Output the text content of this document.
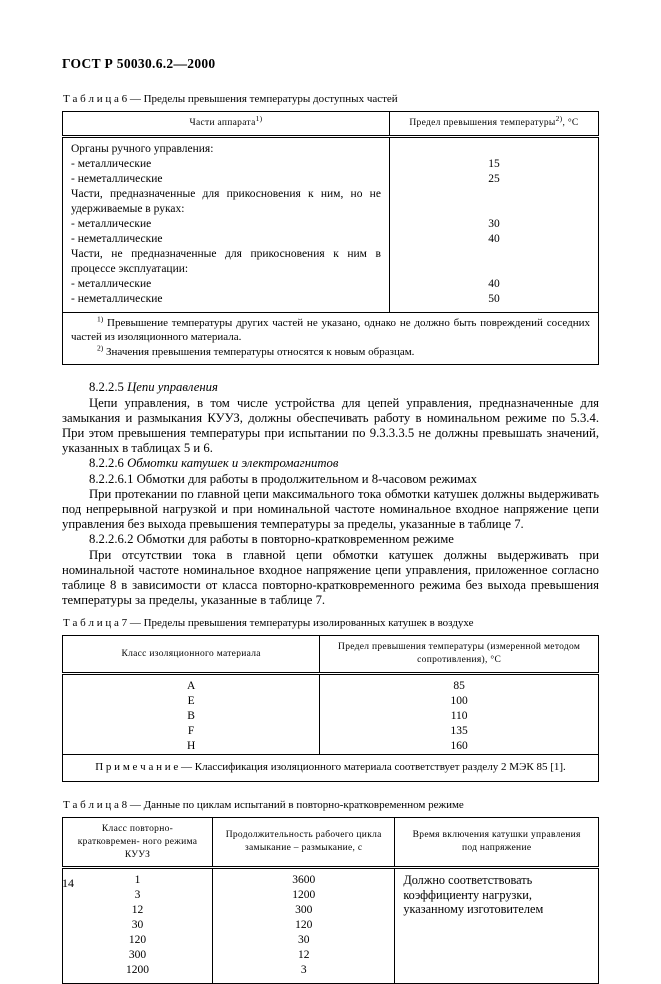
ГОСТ Р 50030.6.2—2000
Т а б л и ц а 6 — Пределы превышения температуры доступных частей
Части аппарата$^{1)}$	Предел превышения температуры$^{2)}$, °С
Органы ручного управления:	
- металлические	15
- неметаллические	25
Части, предназначенные для прикосновения к ним, но не удерживаемые в руках:	
- металлические	30
- неметаллические	40
Части, не предназначенные для прикосновения к ним в процессе эксплуатации:	
- металлические	40
- неметаллические	50

$^{1)}$ Превышение температуры других частей не указано, однако не должно быть повреждений соседних частей из изоляционного материала.
$^{2)}$ Значения превышения температуры относятся к новым образцам.	

8.2.2.5 Цепи управления

Цепи управления, в том числе устройства для цепей управления, предназначенные для замыкания и размыкания КУУЗ, должны обеспечивать работу в номинальном режиме по 5.3.4. При этом превышения температуры при испытании по 9.3.3.3.5 не должны превышать значений, указанных в таблицах 5 и 6.

8.2.2.6 Обмотки катушек и электромагнитов

8.2.2.6.1 Обмотки для работы в продолжительном и 8-часовом режимах

При протекании по главной цепи максимального тока обмотки катушек должны выдерживать под непрерывной нагрузкой и при номинальной частоте номинальное входное напряжение цепи управления без выхода превышения температуры за пределы, указанные в таблице 7.

8.2.2.6.2 Обмотки для работы в повторно-кратковременном режиме

При отсутствии тока в главной цепи обмотки катушек должны выдерживать при номинальной частоте номинальное входное напряжение цепи управления, приложенное согласно таблице 8 в зависимости от класса повторно-кратковременного режима без выхода превышения температуры за пределы, указанные в таблице 7.

Т а б л и ц а 7 — Пределы превышения температуры изолированных катушек в воздухе
Класс изоляционного материала	Предел превышения температуры (измеренной методом сопротивления), °С
A	85
E	100
B	110
F	135
H	160
П р и м е ч а н и е — Классификация изоляционного материала соответствует разделу 2 МЭК 85 [1].	
Т а б л и ц а 8 — Данные по циклам испытаний в повторно-кратковременном режиме
Класс повторно-кратковремен- ного режима КУУЗ	Продолжительность рабочего цикла замыкание – размыкание, с	Время включения катушки управления под напряжение
1	3600	Должно соответствовать коэффициенту нагрузки, указанному изготовителем
3	1200	
12	300	
30	120	
120	30	
300	12	
1200	3	
14
